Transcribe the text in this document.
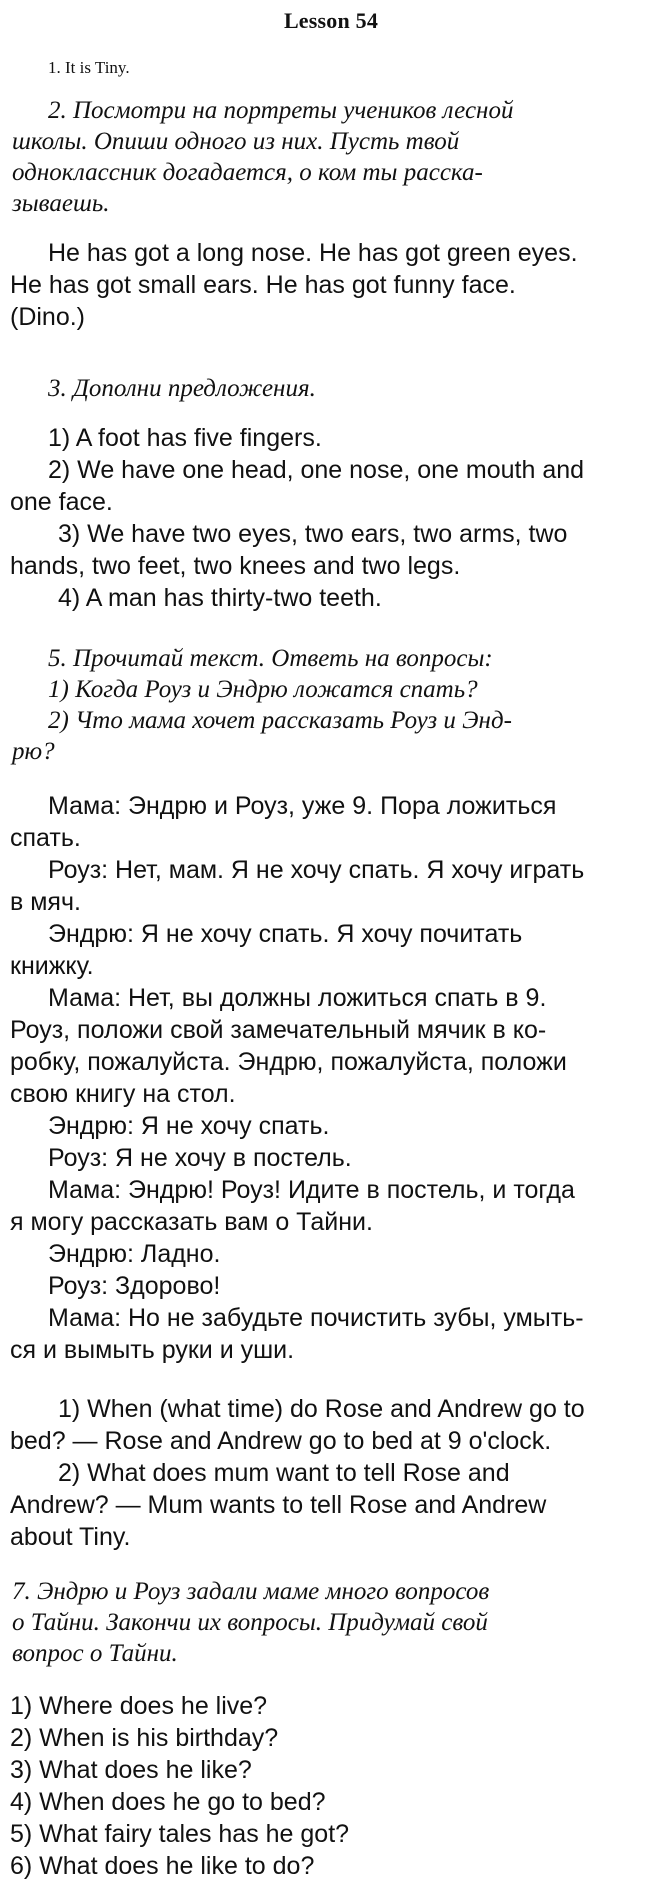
Lesson 54
1. It is Tiny.

2. Посмотри на портреты учеников лесной

школы. Опиши одного из них. Пусть твой

одноклассник догадается, о ком ты расска-

зываешь.

He has got a long nose. He has got green eyes.

He has got small ears. He has got funny face.

(Dino.)

3. Дополни предложения.

1) A foot has five fingers.

2) We have one head, one nose, one mouth and

one face.

3) We have two eyes, two ears, two arms, two

hands, two feet, two knees and two legs.

4) A man has thirty-two teeth.

5. Прочитай текст. Ответь на вопросы:

1) Когда Роуз и Эндрю ложатся спать?

2) Что мама хочет рассказать Роуз и Энд-

рю?

Мама: Эндрю и Роуз, уже 9. Пора ложиться

спать.

Роуз: Нет, мам. Я не хочу спать. Я хочу играть

в мяч.

Эндрю: Я не хочу спать. Я хочу почитать

книжку.

Мама: Нет, вы должны ложиться спать в 9.

Роуз, положи свой замечательный мячик в ко-

робку, пожалуйста. Эндрю, пожалуйста, положи

свою книгу на стол.

Эндрю: Я не хочу спать.

Роуз: Я не хочу в постель.

Мама: Эндрю! Роуз! Идите в постель, и тогда

я могу рассказать вам о Тайни.

Эндрю: Ладно.

Роуз: Здорово!

Мама: Но не забудьте почистить зубы, умыть-

ся и вымыть руки и уши.

1) When (what time) do Rose and Andrew go to

bed? — Rose and Andrew go to bed at 9 o'clock.

2) What does mum want to tell Rose and

Andrew? — Mum wants to tell Rose and Andrew

about Tiny.

7. Эндрю и Роуз задали маме много вопросов

о Тайни. Закончи их вопросы. Придумай свой

вопрос о Тайни.

1) Where does he live?

2) When is his birthday?

3) What does he like?

4) When does he go to bed?

5) What fairy tales has he got?

6) What does he like to do?
